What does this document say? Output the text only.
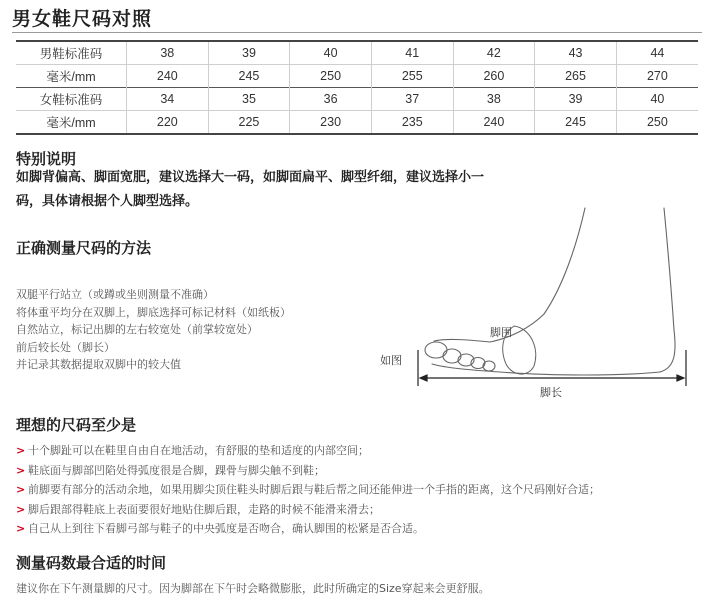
男女鞋尺码对照
男鞋标准码	38	39	40	41	42	43	44
毫米/mm	240	245	250	255	260	265	270
女鞋标准码	34	35	36	37	38	39	40
毫米/mm	220	225	230	235	240	245	250
特别说明
如脚背偏高、脚面宽肥，建议选择大一码，如脚面扁平、脚型纤细，建议选择小一码，具体请根据个人脚型选择。
正确测量尺码的方法
双腿平行站立（或蹲或坐则测量不准确）
将体重平均分在双脚上，脚底选择可标记材料（如纸板）
自然站立，标记出脚的左右较宽处（前掌较宽处）
前后较长处（脚长）
并记录其数据提取双脚中的较大值
脚围
如图
脚长
理想的尺码至少是
> 十个脚趾可以在鞋里自由自在地活动，有舒服的垫和适度的内部空间；
> 鞋底面与脚部凹陷处得弧度很是合脚，踝骨与脚尖触不到鞋；
> 前脚要有部分的活动余地，如果用脚尖顶住鞋头时脚后跟与鞋后帮之间还能伸进一个手指的距离，这个尺码刚好合适；
> 脚后跟部得鞋底上表面要很好地贴住脚后跟，走路的时候不能滑来滑去；
> 自己从上到往下看脚弓部与鞋子的中央弧度是否吻合，确认脚围的松紧是否合适。
测量码数最合适的时间
建议你在下午测量脚的尺寸。因为脚部在下午时会略微膨胀，此时所确定的Size穿起来会更舒服。
